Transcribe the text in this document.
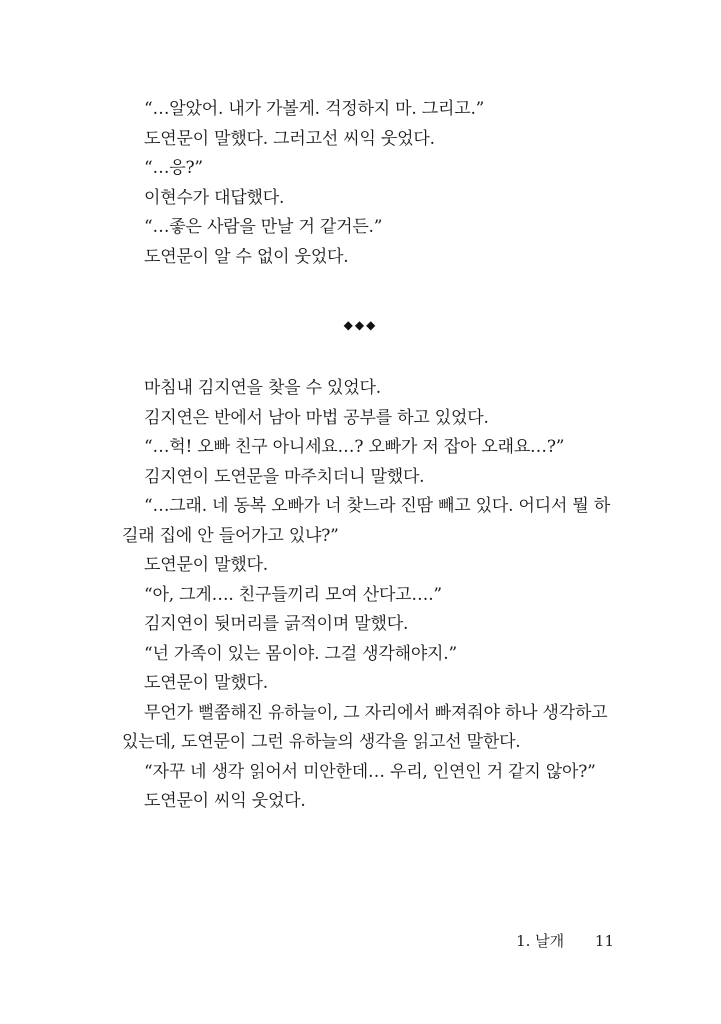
“…알았어. 내가 가볼게. 걱정하지 마. 그리고.”

도연문이 말했다. 그러고선 씨익 웃었다.

“…응?”

이현수가 대답했다.

“…좋은 사람을 만날 거 같거든.”

도연문이 알 수 없이 웃었다.

◆◆◆

마침내 김지연을 찾을 수 있었다.

김지연은 반에서 남아 마법 공부를 하고 있었다.

“…헉! 오빠 친구 아니세요…? 오빠가 저 잡아 오래요…?”

김지연이 도연문을 마주치더니 말했다.

“…그래. 네 동복 오빠가 너 찾느라 진땀 빼고 있다. 어디서 뭘 하

길래 집에 안 들어가고 있냐?”

도연문이 말했다.

“아, 그게…. 친구들끼리 모여 산다고….”

김지연이 뒷머리를 긁적이며 말했다.

“넌 가족이 있는 몸이야. 그걸 생각해야지.”

도연문이 말했다.

무언가 뻘쭘해진 유하늘이, 그 자리에서 빠져줘야 하나 생각하고

있는데, 도연문이 그런 유하늘의 생각을 읽고선 말한다.

“자꾸 네 생각 읽어서 미안한데… 우리, 인연인 거 같지 않아?”

도연문이 씨익 웃었다.

1. 날개 11
